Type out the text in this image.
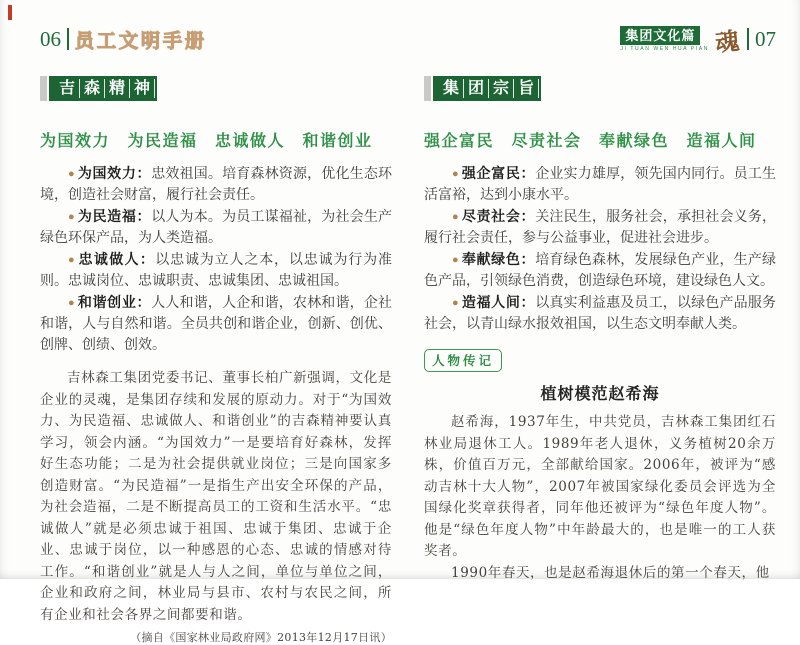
06 员工文明手册
吉 森 精 神
为国效力　为民造福　忠诚做人　和谐创业

● 为国效力：忠效祖国。培育森林资源，优化生态环境，创造社会财富，履行社会责任。

● 为民造福：以人为本。为员工谋福祉，为社会生产绿色环保产品，为人类造福。

● 忠诚做人：以忠诚为立人之本，以忠诚为行为准则。忠诚岗位、忠诚职责、忠诚集团、忠诚祖国。

● 和谐创业：人人和谐，人企和谐，农林和谐，企社和谐，人与自然和谐。全员共创和谐企业，创新、创优、创牌、创绩、创效。

吉林森工集团党委书记、董事长柏广新强调，文化是企业的灵魂，是集团存续和发展的原动力。对于“为国效力、为民造福、忠诚做人、和谐创业”的吉森精神要认真学习，领会内涵。“为国效力”一是要培育好森林，发挥好生态功能；二是为社会提供就业岗位；三是向国家多创造财富。“为民造福”一是指生产出安全环保的产品，为社会造福，二是不断提高员工的工资和生活水平。“忠诚做人”就是必须忠诚于祖国、忠诚于集团、忠诚于企业、忠诚于岗位，以一种感恩的心态、忠诚的情感对待工作。“和谐创业”就是人与人之间，单位与单位之间，企业和政府之间，林业局与县市、农村与农民之间，所有企业和社会各界之间都要和谐。

（摘自《国家林业局政府网》2013年12月17日讯）

集团文化篇
JI TUAN WEN HUA PIAN 魂 07
集 团 宗 旨
强企富民　尽责社会　奉献绿色　造福人间

● 强企富民：企业实力雄厚，领先国内同行。员工生活富裕，达到小康水平。

● 尽责社会：关注民生，服务社会，承担社会义务，履行社会责任，参与公益事业，促进社会进步。

● 奉献绿色：培育绿色森林，发展绿色产业，生产绿色产品，引领绿色消费，创造绿色环境，建设绿色人文。

● 造福人间：以真实利益惠及员工，以绿色产品服务社会，以青山绿水报效祖国，以生态文明奉献人类。

人物传记
植树模范赵希海

赵希海，1937年生，中共党员，吉林森工集团红石林业局退休工人。1989年老人退休，义务植树20余万株，价值百万元，全部献给国家。2006年，被评为“感动吉林十大人物”，2007年被国家绿化委员会评选为全国绿化奖章获得者，同年他还被评为“绿色年度人物”。他是“绿色年度人物”中年龄最大的，也是唯一的工人获奖者。

1990年春天，也是赵希海退休后的第一个春天，他
